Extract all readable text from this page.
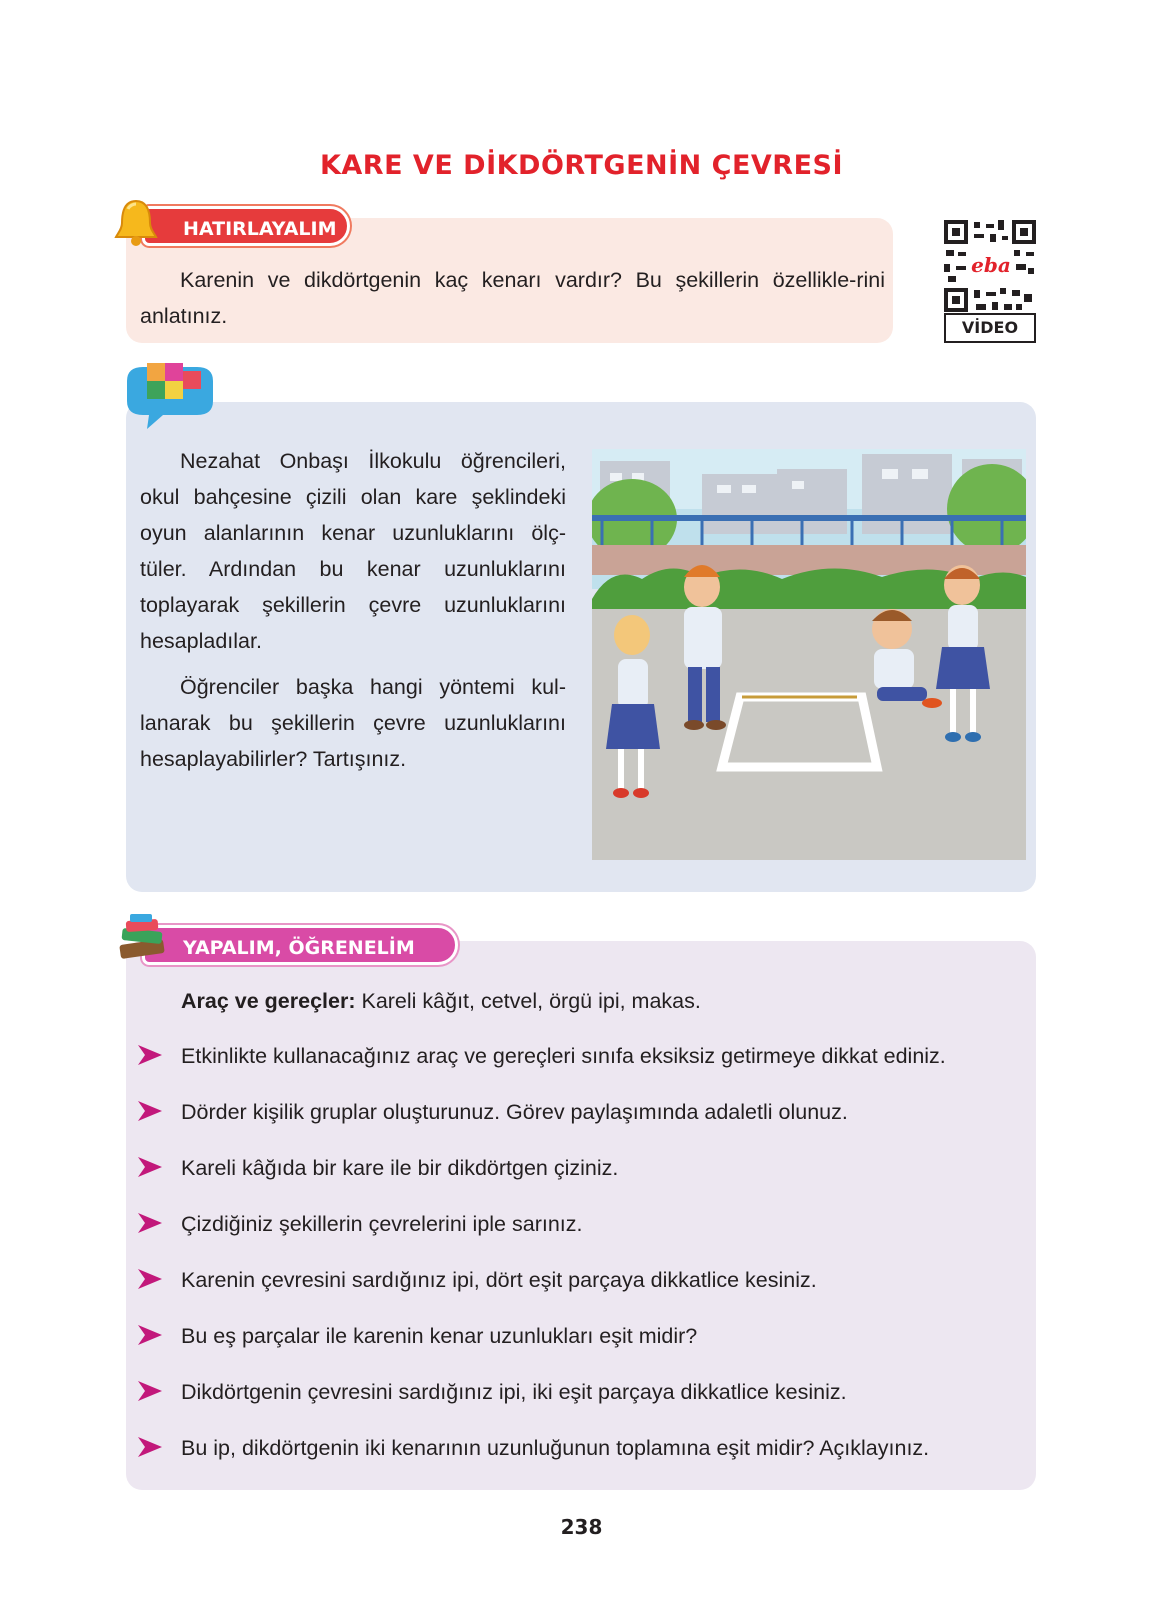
KARE VE DİKDÖRTGENİN ÇEVRESİ
Karenin ve dikdörtgenin kaç kenarı vardır? Bu şekillerin özellikle-rini anlatınız.
HATIRLAYALIM
eba
VİDEO

Nezahat Onbaşı İlkokulu öğrencileri, okul bahçesine çizili olan kare şeklindeki oyun alanlarının kenar uzunluklarını ölç-tüler. Ardından bu kenar uzunluklarını toplayarak şekillerin çevre uzunluklarını hesapladılar.

Öğrenciler başka hangi yöntemi kul-lanarak bu şekillerin çevre uzunluklarını hesaplayabilirler? Tartışınız.

Araç ve gereçler: Kareli kâğıt, cetvel, örgü ipi, makas.
Etkinlikte kullanacağınız araç ve gereçleri sınıfa eksiksiz getirmeye dikkat ediniz.
Dörder kişilik gruplar oluşturunuz. Görev paylaşımında adaletli olunuz.
Kareli kâğıda bir kare ile bir dikdörtgen çiziniz.
Çizdiğiniz şekillerin çevrelerini iple sarınız.
Karenin çevresini sardığınız ipi, dört eşit parçaya dikkatlice kesiniz.
Bu eş parçalar ile karenin kenar uzunlukları eşit midir?
Dikdörtgenin çevresini sardığınız ipi, iki eşit parçaya dikkatlice kesiniz.
Bu ip, dikdörtgenin iki kenarının uzunluğunun toplamına eşit midir? Açıklayınız.
YAPALIM, ÖĞRENELİM
238
